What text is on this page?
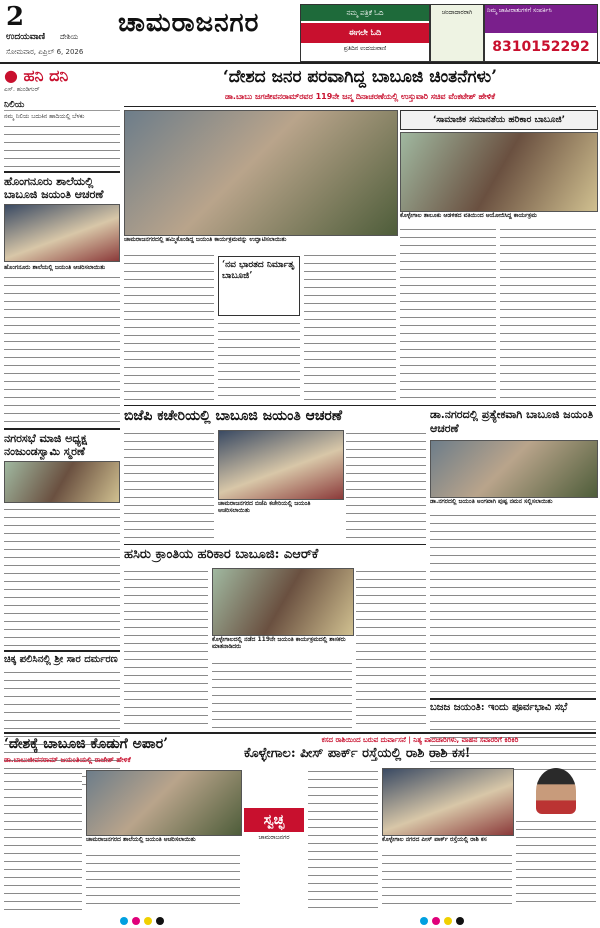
2
ಉದಯವಾಣಿ ದೇಶಿಯ
ಸೋಮವಾರ, ಏಪ್ರಿಲ್ 6, 2026
ಚಾಮರಾಜನಗರ	ನಮ್ಮ ಪತ್ರಿಕೆ ಓದಿ
ಈಗಲೇ ಓದಿ
ಪ್ರತಿದಿನ ಉದಯವಾಣಿ
ಚಂದಾದಾರರಾಗಿ	ನಿಮ್ಮ ಜಾಹೀರಾತುಗಳಿಗೆ ಸಂಪರ್ಕಿಸಿ
8310152292
● ಹನಿ ದನಿ
ಎಸ್. ಹುಂಡಿಗುರ್
ನಿಲಿಯ
ನಮ್ಮ ನಿಲಿಯ ಬದುಕಿನ ಹಾದಿಯಲ್ಲಿ ಬೆಳಕು
ಹೊಂಗನೂರು ಶಾಲೆಯಲ್ಲಿ ಬಾಬೂಜಿ ಜಯಂತಿ ಆಚರಣೆ
ಹೊಂಗನೂರು ಶಾಲೆಯಲ್ಲಿ ಜಯಂತಿ ಆಚರಿಸಲಾಯಿತು
ನಗರಸಭೆ ಮಾಜಿ ಅಧ್ಯಕ್ಷ ನಂಜುಂಡಸ್ವಾಮಿ ಸ್ಮರಣೆ
ಚಿಕ್ಕ ಪಲಿಸಿನಲ್ಲಿ ಶ್ರೀ ಸಾರ ದರ್ಮರಣ
‘ದೇಶದ ಜನರ ಪರವಾಗಿದ್ದ ಬಾಬೂಜಿ ಚಿಂತನೆಗಳು’
ಡಾ.ಬಾಬು ಜಗಜೀವನರಾಮ್‌ರವರ 119ನೇ ಜನ್ಮ ದಿನಾಚರಣೆಯಲ್ಲಿ ಉಸ್ತುವಾರಿ ಸಚಿವ ವೆಂಕಟೇಶ್ ಹೇಳಿಕೆ
ಚಾಮರಾಜನಗರದಲ್ಲಿ ಹಮ್ಮಿಕೊಂಡಿದ್ದ ಜಯಂತಿ ಕಾರ್ಯಕ್ರಮವನ್ನು ಉದ್ಘಾಟಿಸಲಾಯಿತು
‘ನವ ಭಾರತದ ನಿರ್ಮಾತೃ ಬಾಬೂಜಿ’
‘ಸಾಮಾಜಿಕ ಸಮಾನತೆಯ ಹರಿಕಾರ ಬಾಬೂಜಿ’
ಕೊಳ್ಳೇಗಾಲ ತಾಲೂಕು ಆಡಳಿತದ ವತಿಯಿಂದ ಆಯೋಜಿಸಿದ್ದ ಕಾರ್ಯಕ್ರಮ
ಬಿಜೆಪಿ ಕಚೇರಿಯಲ್ಲಿ ಬಾಬೂಜಿ ಜಯಂತಿ ಆಚರಣೆ
ಚಾಮರಾಜನಗರದ ಬಿಜೆಪಿ ಕಚೇರಿಯಲ್ಲಿ ಜಯಂತಿ ಆಚರಿಸಲಾಯಿತು
ಡಾ.ನಗರದಲ್ಲಿ ಪ್ರತ್ಯೇಕವಾಗಿ ಬಾಬೂಜಿ ಜಯಂತಿ ಆಚರಣೆ
ಡಾ.ನಗರದಲ್ಲಿ ಜಯಂತಿ ಅಂಗವಾಗಿ ಪುಷ್ಪ ನಮನ ಸಲ್ಲಿಸಲಾಯಿತು
ಹಸಿರು ಕ್ರಾಂತಿಯ ಹರಿಕಾರ ಬಾಬೂಜಿ: ಎಆರ್‌ಕೆ
ಕೊಳ್ಳೇಗಾಲದಲ್ಲಿ ನಡೆದ 119ನೇ ಜಯಂತಿ ಕಾರ್ಯಕ್ರಮದಲ್ಲಿ ಶಾಸಕರು ಮಾತನಾಡಿದರು
ಬಜಜ ಜಯಂತಿ: ಇಂದು ಪೂರ್ವಭಾವಿ ಸಭೆ
‘ದೇಶಕ್ಕೆ ಬಾಬೂಜಿ ಕೊಡುಗೆ ಅಪಾರ’
ಡಾ.ಬಾಬುಜೀವನರಾಮ್ ಜಯಂತಿಯಲ್ಲಿ ರಾಜೇಶ್ ಹೇಳಿಕೆ
ಚಾಮರಾಜನಗರದ ಶಾಲೆಯಲ್ಲಿ ಜಯಂತಿ ಆಚರಿಸಲಾಯಿತು
ಕಸದ ರಾಶಿಯಿಂದ ಬರುವ ದುರ್ವಾಸನೆ | ನಿತ್ಯ ಪಾದಚಾರಿಗಳು, ವಾಹನ ಸವಾರರಿಗೆ ಕಿರಿಕಿರಿ
ಕೊಳ್ಳೇಗಾಲ: ಪೀಸ್ ಪಾರ್ಕ್ ರಸ್ತೆಯಲ್ಲಿ ರಾಶಿ ರಾಶಿ ಕಸ!
ಸ್ವಚ್ಛ
ಚಾಮರಾಜನಗರ	ಕೊಳ್ಳೇಗಾಲ ನಗರದ ಪೀಸ್ ಪಾರ್ಕ್ ರಸ್ತೆಯಲ್ಲಿ ರಾಶಿ ಕಸ
